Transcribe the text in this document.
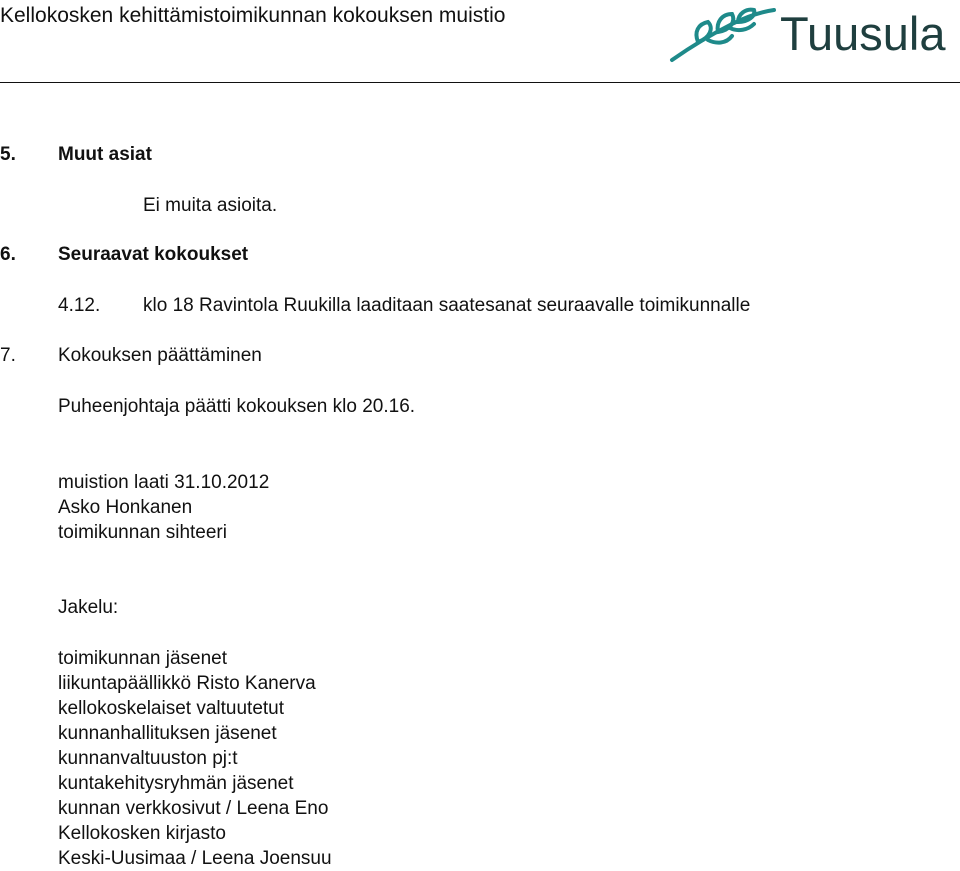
Kellokosken kehittämistoimikunnan kokouksen muistio	Tuusula
5. Muut asiat
Ei muita asioita.
6. Seuraavat kokoukset
4.12. klo 18 Ravintola Ruukilla laaditaan saatesanat seuraavalle toimikunnalle
7. Kokouksen päättäminen
Puheenjohtaja päätti kokouksen klo 20.16.
muistion laati 31.10.2012
Asko Honkanen
toimikunnan sihteeri
Jakelu:
toimikunnan jäsenet
liikuntapäällikkö Risto Kanerva
kellokoskelaiset valtuutetut
kunnanhallituksen jäsenet
kunnanvaltuuston pj:t
kuntakehitysryhmän jäsenet
kunnan verkkosivut / Leena Eno
Kellokosken kirjasto
Keski-Uusimaa / Leena Joensuu
